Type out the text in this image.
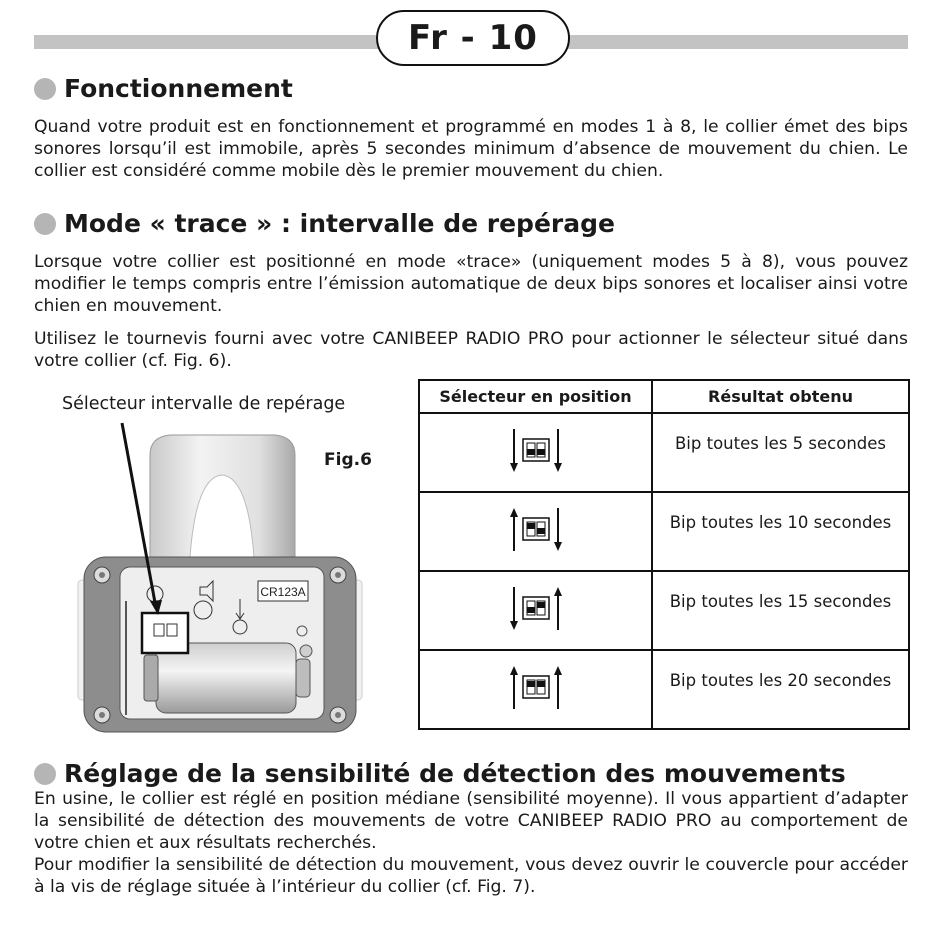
Fr - 10
Fonctionnement

Quand votre produit est en fonctionnement et programmé en modes 1 à 8, le collier émet des bips sonores lorsqu’il est immobile, après 5 secondes minimum d’absence de mouvement du chien. Le collier est considéré comme mobile dès le premier mouvement du chien.

Mode « trace » : intervalle de repérage

Lorsque votre collier est positionné en mode «trace» (uniquement modes 5 à 8), vous pouvez modifier le temps compris entre l’émission automatique de deux bips sonores et localiser ainsi votre chien en mouvement.

Utilisez le tournevis fourni avec votre CANIBEEP RADIO PRO pour actionner le sélecteur situé dans votre collier (cf. Fig. 6).

Sélecteur intervalle de repérage
Fig.6
CR123A
Sélecteur en position	Résultat obtenu
	Bip toutes les 5 secondes
	Bip toutes les 10 secondes
	Bip toutes les 15 secondes
	Bip toutes les 20 secondes
Réglage de la sensibilité de détection des mouvements

En usine, le collier est réglé en position médiane (sensibilité moyenne). Il vous appartient d’adapter la sensibilité de détection des mouvements de votre CANIBEEP RADIO PRO au comportement de votre chien et aux résultats recherchés.

Pour modifier la sensibilité de détection du mouvement, vous devez ouvrir le couvercle pour accéder à la vis de réglage située à l’intérieur du collier (cf. Fig. 7).
